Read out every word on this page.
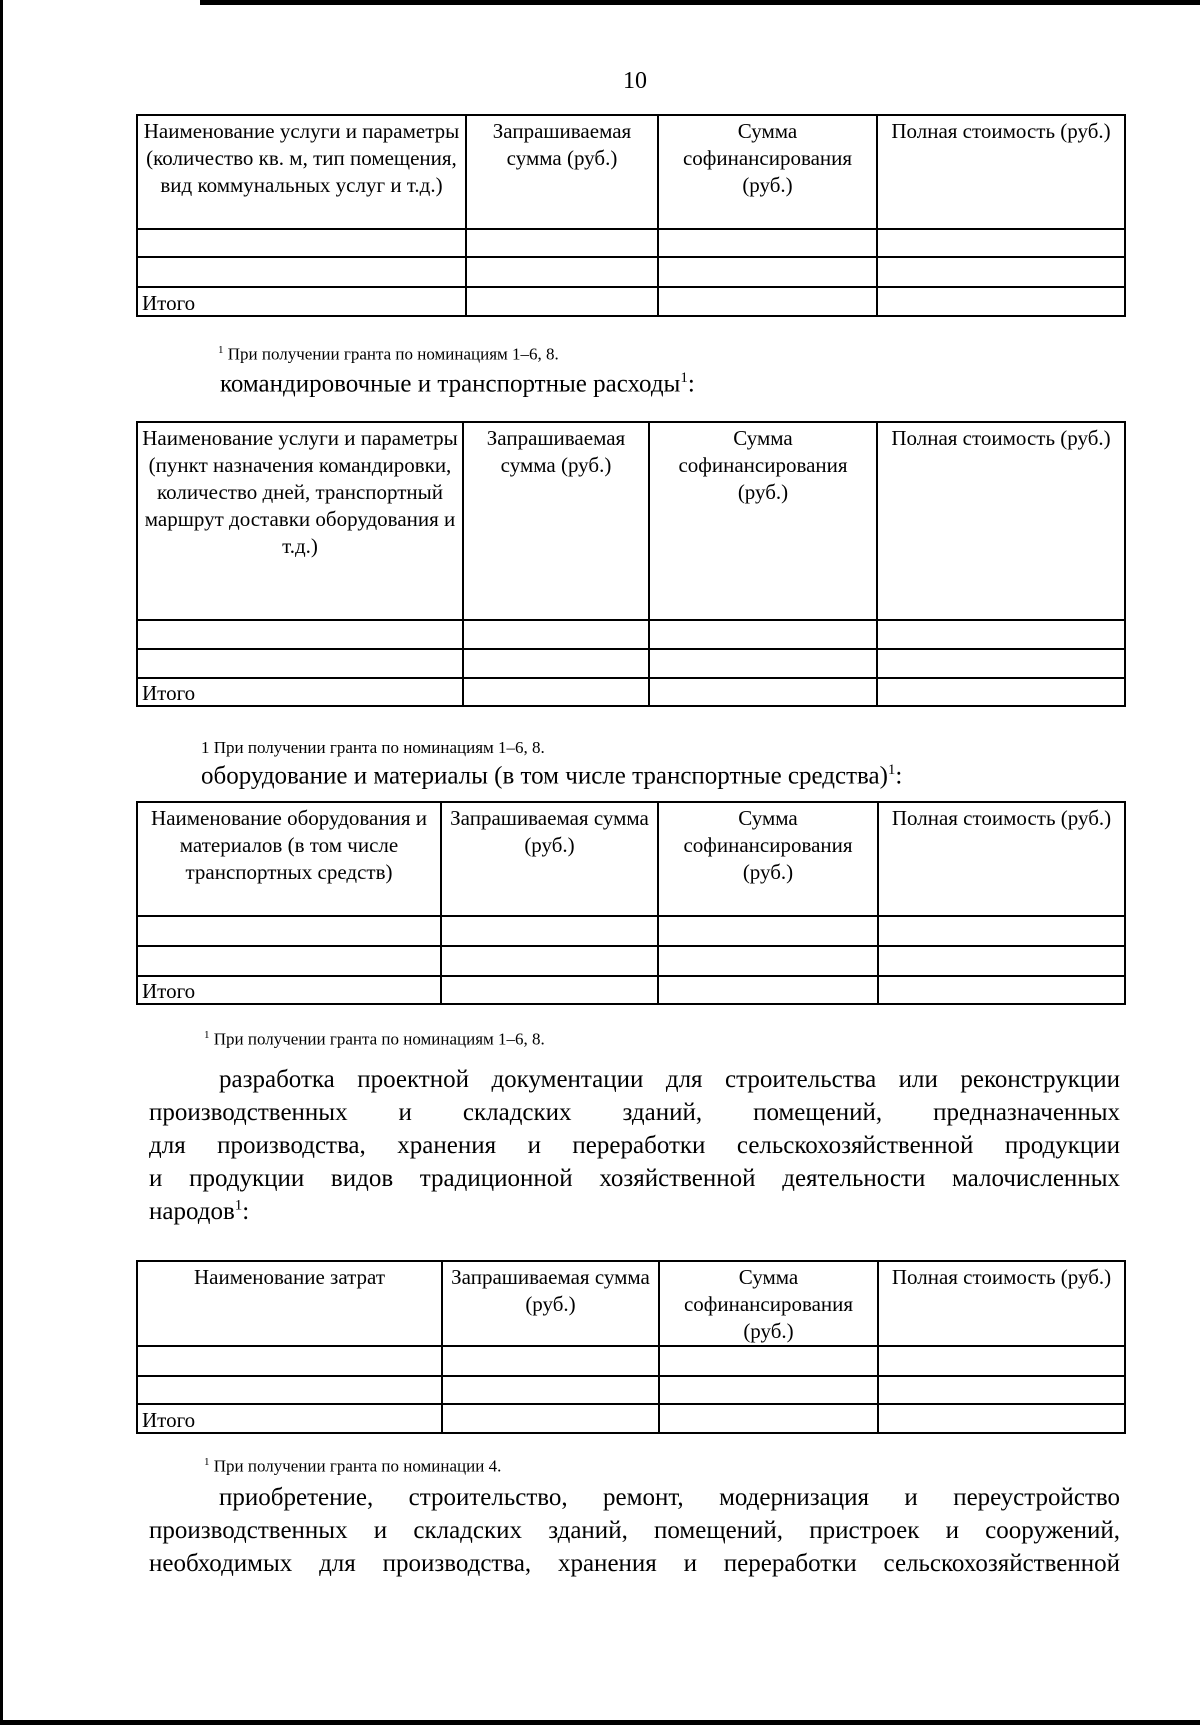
10
Наименование услуги и параметры (количество кв. м, тип помещения, вид коммунальных услуг и т.д.)	Запрашиваемая сумма (руб.)	Сумма софинансирования (руб.)	Полная стоимость (руб.)

Итого			
$^1$ При получении гранта по номинациям 1–6, 8.
командировочные и транспортные расходы$^1$:
Наименование услуги и параметры (пункт назначения командировки, количество дней, транспортный маршрут доставки оборудования и т.д.)	Запрашиваемая сумма (руб.)	Сумма софинансирования (руб.)	Полная стоимость (руб.)

Итого			
1 При получении гранта по номинациям 1–6, 8.
оборудование и материалы (в том числе транспортные средства)$^1$:
Наименование оборудования и материалов (в том числе транспортных средств)	Запрашиваемая сумма (руб.)	Сумма софинансирования (руб.)	Полная стоимость (руб.)

Итого			
$^1$ При получении гранта по номинациям 1–6, 8.
разработка проектной документации для строительства или реконструкции
производственных и складских зданий, помещений, предназначенных
для производства, хранения и переработки сельскохозяйственной продукции
и продукции видов традиционной хозяйственной деятельности малочисленных
народов$^1$:
Наименование затрат	Запрашиваемая сумма (руб.)	Сумма софинансирования (руб.)	Полная стоимость (руб.)

Итого			
$^1$ При получении гранта по номинации 4.
приобретение, строительство, ремонт, модернизация и переустройство
производственных и складских зданий, помещений, пристроек и сооружений,
необходимых для производства, хранения и переработки сельскохозяйственной
